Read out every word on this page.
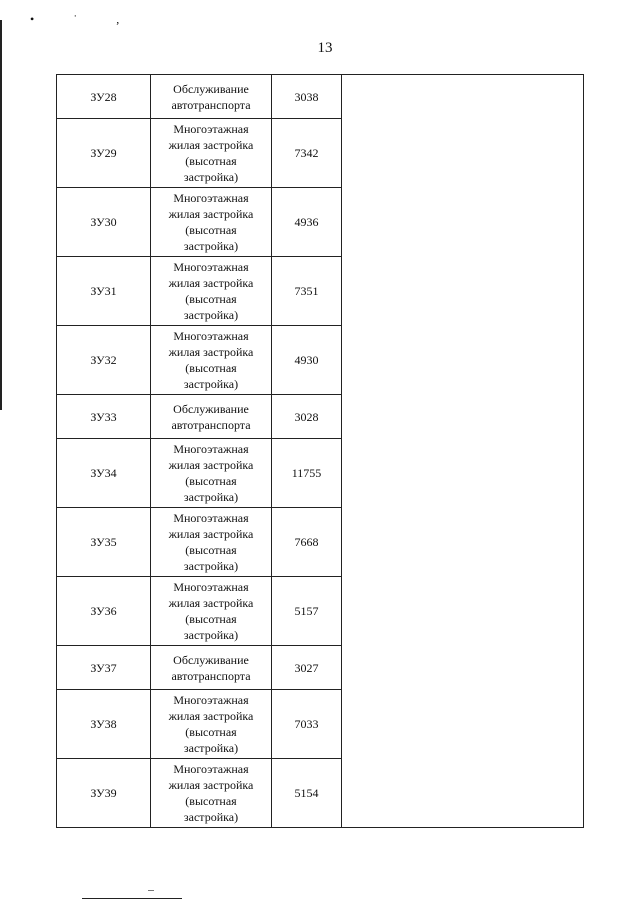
• ˙ ,
13
ЗУ28	Обслуживание
автотранспорта	3038	
ЗУ29	Многоэтажная
жилая застройка
(высотная
застройка)	7342	
ЗУ30	Многоэтажная
жилая застройка
(высотная
застройка)	4936	
ЗУ31	Многоэтажная
жилая застройка
(высотная
застройка)	7351	
ЗУ32	Многоэтажная
жилая застройка
(высотная
застройка)	4930	
ЗУ33	Обслуживание
автотранспорта	3028	
ЗУ34	Многоэтажная
жилая застройка
(высотная
застройка)	11755	
ЗУ35	Многоэтажная
жилая застройка
(высотная
застройка)	7668	
ЗУ36	Многоэтажная
жилая застройка
(высотная
застройка)	5157	
ЗУ37	Обслуживание
автотранспорта	3027	
ЗУ38	Многоэтажная
жилая застройка
(высотная
застройка)	7033	
ЗУ39	Многоэтажная
жилая застройка
(высотная
застройка)	5154	
